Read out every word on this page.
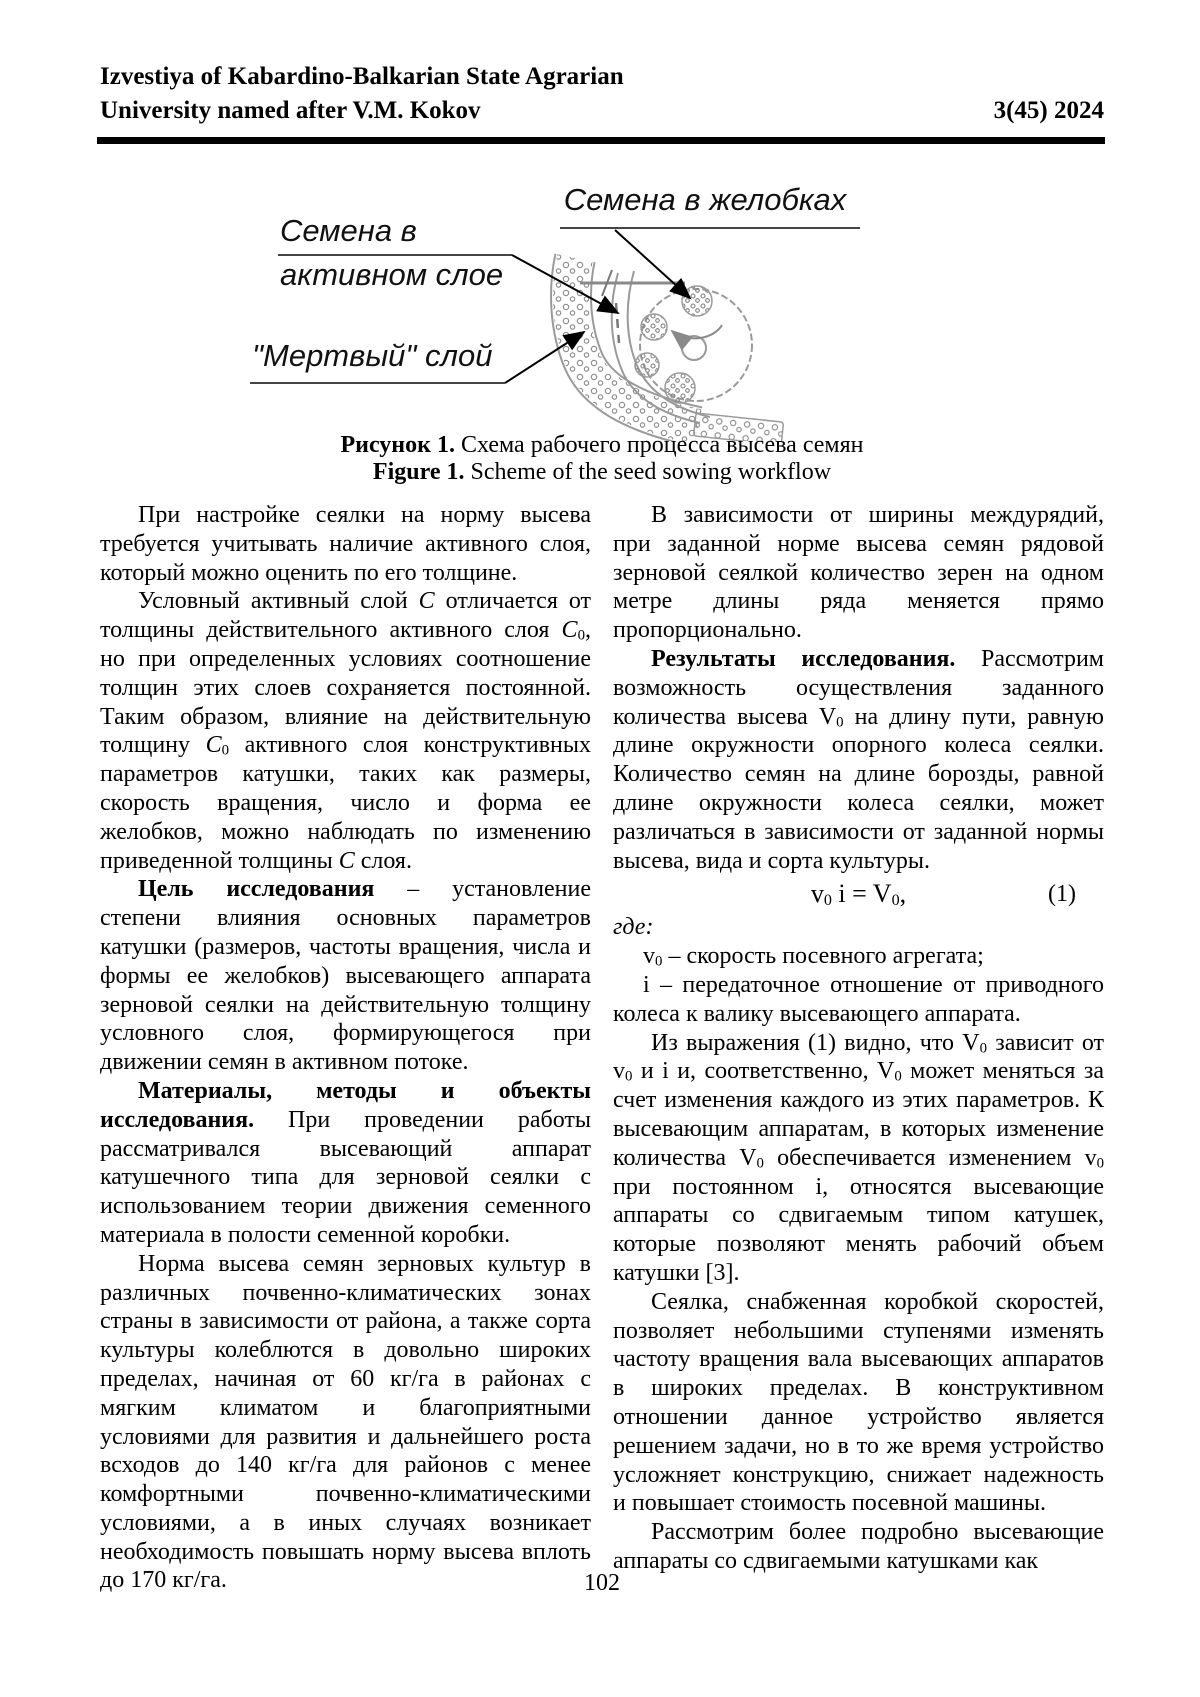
Izvestiya of Kabardino-Balkarian State Agrarian
University named after V.M. Kokov	3(45) 2024
Семена в желобках
Семена в
активном слое
"Мертвый" слой
Рисунок 1. Схема рабочего процесса высева семян
Figure 1. Scheme of the seed sowing workflow

При настройке сеялки на норму высева требуется учитывать наличие активного слоя, который можно оценить по его толщине.

Условный активный слой С отличается от толщины действительного активного слоя С0, но при определенных условиях соотношение толщин этих слоев сохраняется постоянной. Таким образом, влияние на действительную толщину С0 активного слоя конструктивных параметров катушки, таких как размеры, скорость вращения, число и форма ее желобков, можно наблюдать по изменению приведенной толщины С слоя.

Цель исследования – установление степени влияния основных параметров катушки (размеров, частоты вращения, числа и формы ее желобков) высевающего аппарата зерновой сеялки на действительную толщину условного слоя, формирующегося при движении семян в активном потоке.

Материалы, методы и объекты исследования. При проведении работы рассматривался высевающий аппарат катушечного типа для зерновой сеялки с использованием теории движения семенного материала в полости семенной коробки.

Норма высева семян зерновых культур в различных почвенно-климатических зонах страны в зависимости от района, а также сорта культуры колеблются в довольно широких пределах, начиная от 60 кг/га в районах с мягким климатом и благоприятными условиями для развития и дальнейшего роста всходов до 140 кг/га для районов с менее комфортными почвенно-климатическими условиями, а в иных случаях возникает необходимость повышать норму высева вплоть до 170 кг/га.

В зависимости от ширины междурядий, при заданной норме высева семян рядовой зерновой сеялкой количество зерен на одном метре длины ряда меняется прямо пропорционально.

Результаты исследования. Рассмотрим возможность осуществления заданного количества высева V0 на длину пути, равную длине окружности опорного колеса сеялки. Количество семян на длине борозды, равной длине окружности колеса сеялки, может различаться в зависимости от заданной нормы высева, вида и сорта культуры.

v0 i = V0,	(1)

где:

v0 – скорость посевного агрегата;

i – передаточное отношение от приводного колеса к валику высевающего аппарата.

Из выражения (1) видно, что V0 зависит от v0 и i и, соответственно, V0 может меняться за счет изменения каждого из этих параметров. К высевающим аппаратам, в которых изменение количества V0 обеспечивается изменением v0 при постоянном i, относятся высевающие аппараты со сдвигаемым типом катушек, которые позволяют менять рабочий объем катушки [3].

Сеялка, снабженная коробкой скоростей, позволяет небольшими ступенями изменять частоту вращения вала высевающих аппаратов в широких пределах. В конструктивном отношении данное устройство является решением задачи, но в то же время устройство усложняет конструкцию, снижает надежность и повышает стоимость посевной машины.

Рассмотрим более подробно высевающие аппараты со сдвигаемыми катушками как

102
